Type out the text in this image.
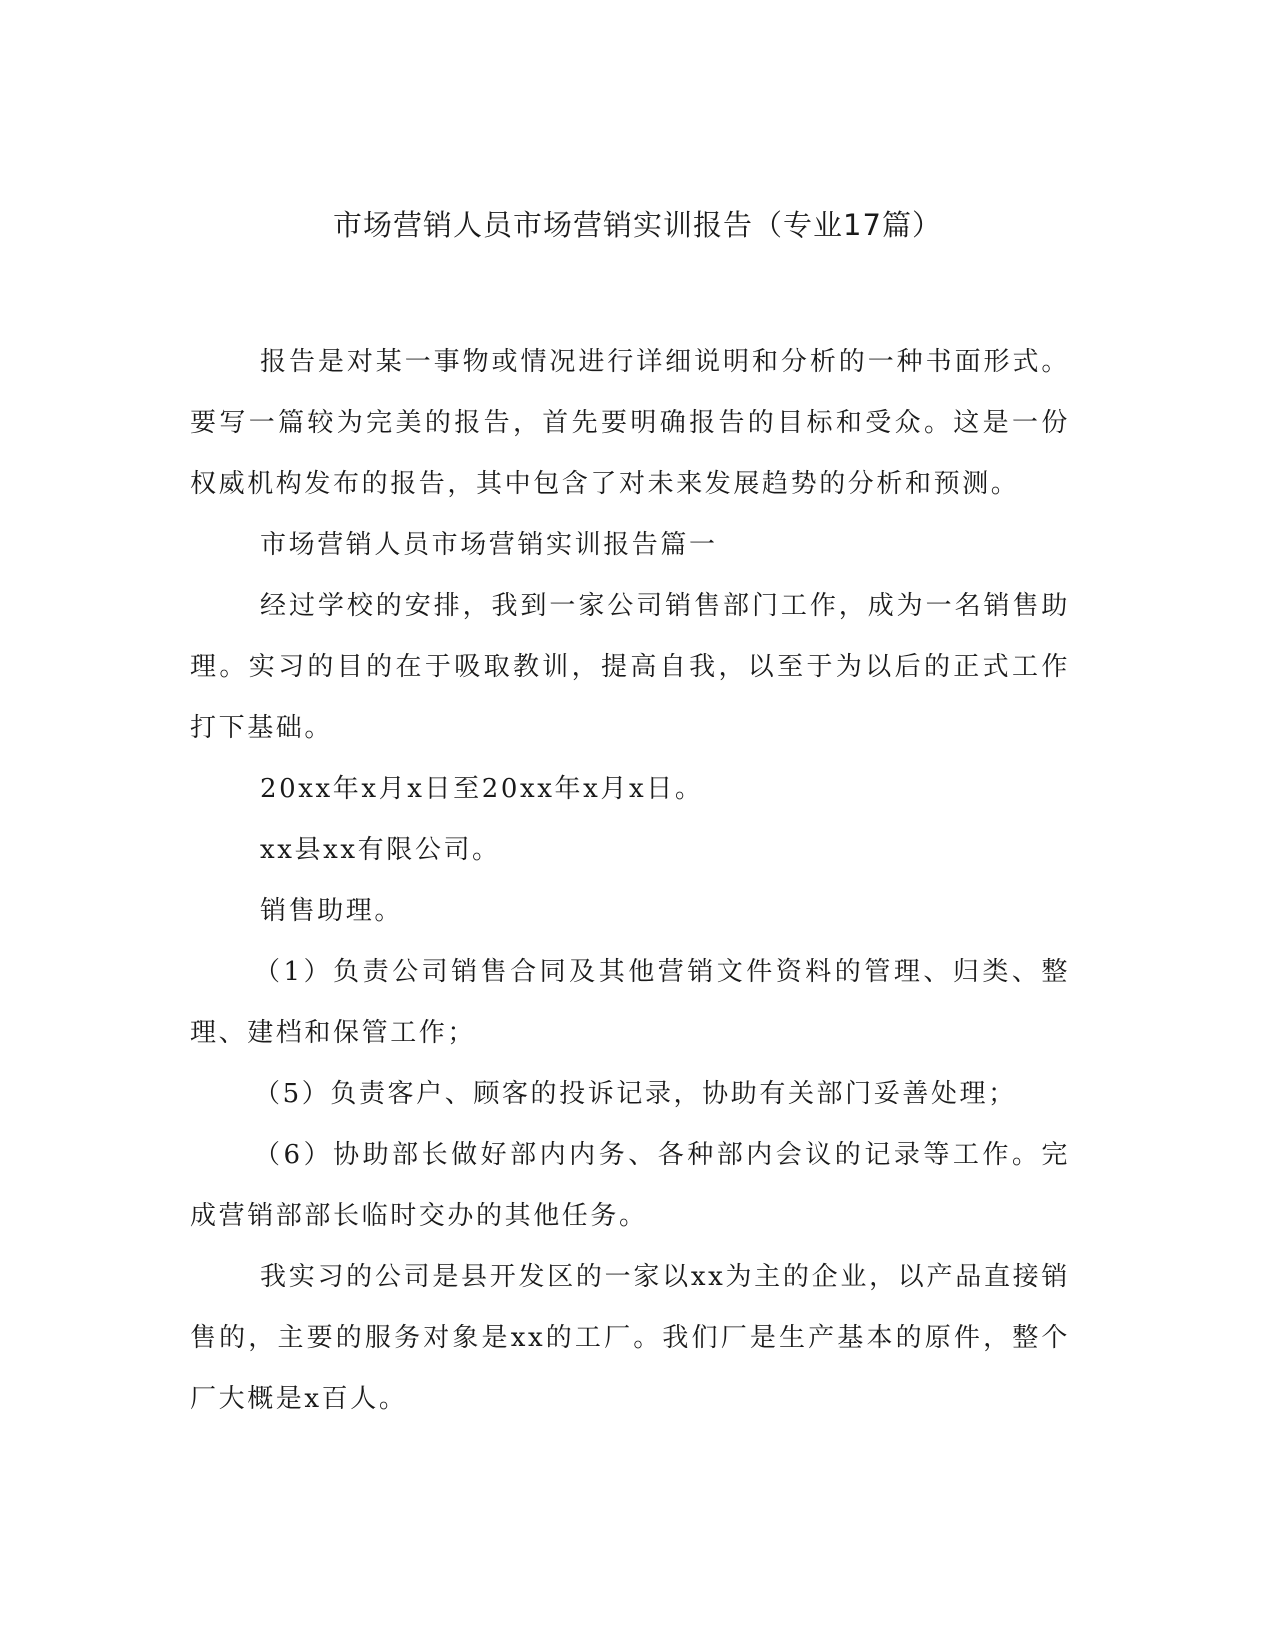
市场营销人员市场营销实训报告（专业17篇）

报告是对某一事物或情况进行详细说明和分析的一种书面形式。要写一篇较为完美的报告，首先要明确报告的目标和受众。这是一份权威机构发布的报告，其中包含了对未来发展趋势的分析和预测。

市场营销人员市场营销实训报告篇一

经过学校的安排，我到一家公司销售部门工作，成为一名销售助理。实习的目的在于吸取教训，提高自我，以至于为以后的正式工作打下基础。

20xx年x月x日至20xx年x月x日。

xx县xx有限公司。

销售助理。

（1）负责公司销售合同及其他营销文件资料的管理、归类、整理、建档和保管工作；

（5）负责客户、顾客的投诉记录，协助有关部门妥善处理；

（6）协助部长做好部内内务、各种部内会议的记录等工作。完成营销部部长临时交办的其他任务。

我实习的公司是县开发区的一家以xx为主的企业，以产品直接销售的，主要的服务对象是xx的工厂。我们厂是生产基本的原件，整个厂大概是x百人。
